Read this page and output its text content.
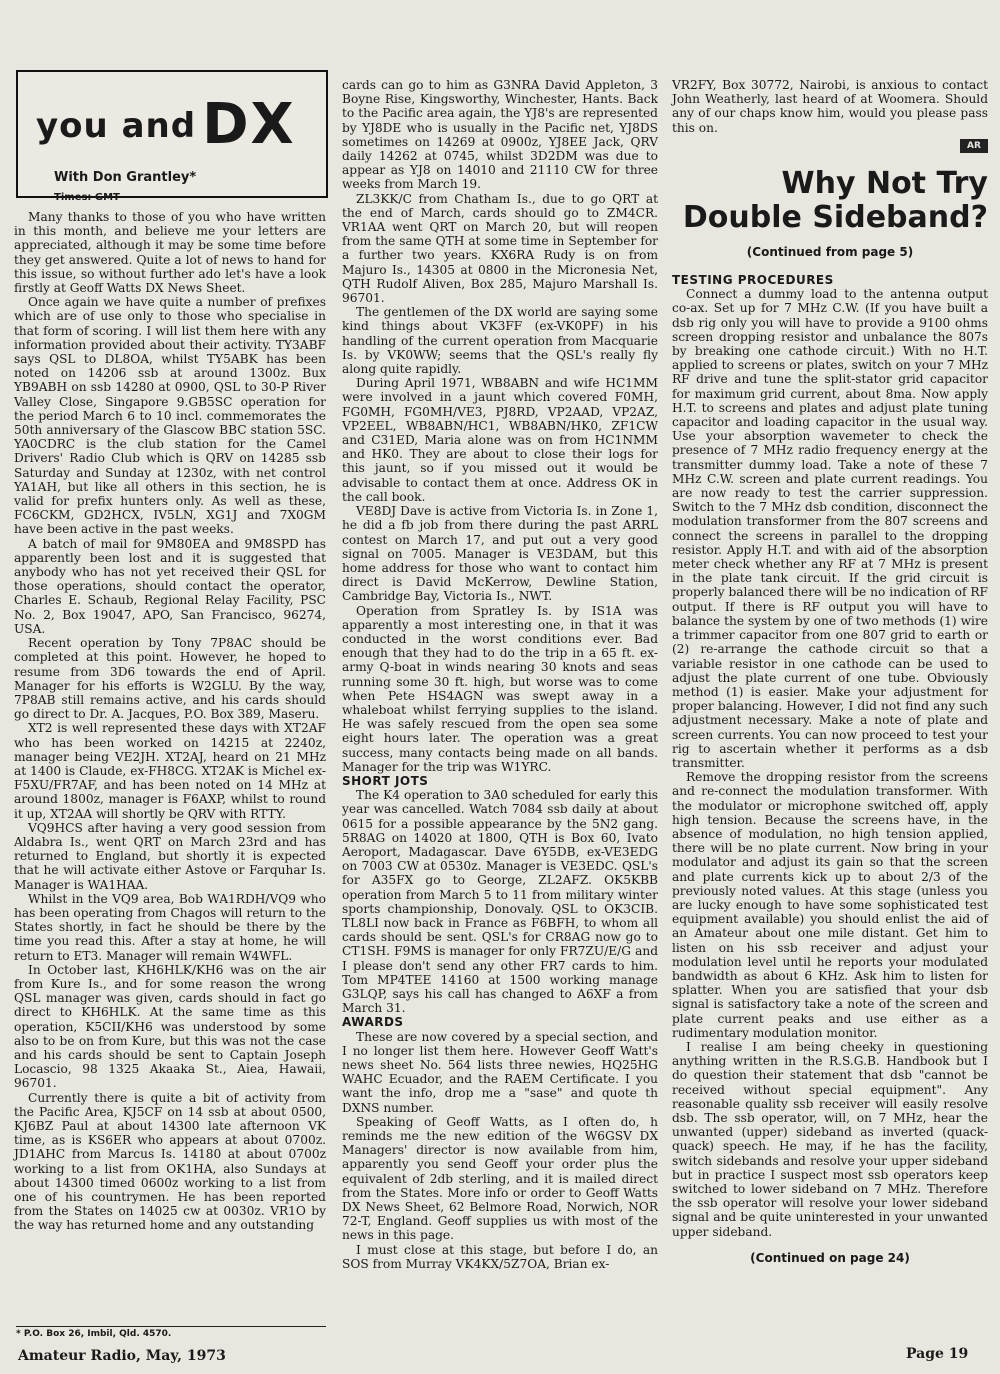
you and DX
With Don Grantley*
Times: GMT

Many thanks to those of you who have written in this month, and believe me your letters are appreciated, although it may be some time before they get answered. Quite a lot of news to hand for this issue, so without further ado let's have a look firstly at Geoff Watts DX News Sheet.

Once again we have quite a number of prefixes which are of use only to those who specialise in that form of scoring. I will list them here with any information provided about their activity. TY3ABF says QSL to DL8OA, whilst TY5ABK has been noted on 14206 ssb at around 1300z. Bux YB9ABH on ssb 14280 at 0900, QSL to 30-P River Valley Close, Singapore 9.GB5SC operation for the period March 6 to 10 incl. commemorates the 50th anniversary of the Glascow BBC station 5SC. YA0CDRC is the club station for the Camel Drivers' Radio Club which is QRV on 14285 ssb Saturday and Sunday at 1230z, with net control YA1AH, but like all others in this section, he is valid for prefix hunters only. As well as these, FC6CKM, GD2HCX, IV5LN, XG1J and 7X0GM have been active in the past weeks.

A batch of mail for 9M80EA and 9M8SPD has apparently been lost and it is suggested that anybody who has not yet received their QSL for those operations, should contact the operator, Charles E. Schaub, Regional Relay Facility, PSC No. 2, Box 19047, APO, San Francisco, 96274, USA.

Recent operation by Tony 7P8AC should be completed at this point. However, he hoped to resume from 3D6 towards the end of April. Manager for his efforts is W2GLU. By the way, 7P8AB still remains active, and his cards should go direct to Dr. A. Jacques, P.O. Box 389, Maseru.

XT2 is well represented these days with XT2AF who has been worked on 14215 at 2240z, manager being VE2JH. XT2AJ, heard on 21 MHz at 1400 is Claude, ex-FH8CG. XT2AK is Michel ex-F5XU/FR7AF, and has been noted on 14 MHz at around 1800z, manager is F6AXP, whilst to round it up, XT2AA will shortly be QRV with RTTY.

VQ9HCS after having a very good session from Aldabra Is., went QRT on March 23rd and has returned to England, but shortly it is expected that he will activate either Astove or Farquhar Is. Manager is WA1HAA.

Whilst in the VQ9 area, Bob WA1RDH/VQ9 who has been operating from Chagos will return to the States shortly, in fact he should be there by the time you read this. After a stay at home, he will return to ET3. Manager will remain W4WFL.

In October last, KH6HLK/KH6 was on the air from Kure Is., and for some reason the wrong QSL manager was given, cards should in fact go direct to KH6HLK. At the same time as this operation, K5CII/KH6 was understood by some also to be on from Kure, but this was not the case and his cards should be sent to Captain Joseph Locascio, 98 1325 Akaaka St., Aiea, Hawaii, 96701.

Currently there is quite a bit of activity from the Pacific Area, KJ5CF on 14 ssb at about 0500, KJ6BZ Paul at about 14300 late afternoon VK time, as is KS6ER who appears at about 0700z. JD1AHC from Marcus Is. 14180 at about 0700z working to a list from OK1HA, also Sundays at about 14300 timed 0600z working to a list from one of his countrymen. He has been reported from the States on 14025 cw at 0030z. VR1O by the way has returned home and any outstanding

cards can go to him as G3NRA David Appleton, 3 Boyne Rise, Kingsworthy, Winchester, Hants. Back to the Pacific area again, the YJ8's are represented by YJ8DE who is usually in the Pacific net, YJ8DS sometimes on 14269 at 0900z, YJ8EE Jack, QRV daily 14262 at 0745, whilst 3D2DM was due to appear as YJ8 on 14010 and 21110 CW for three weeks from March 19.

ZL3KK/C from Chatham Is., due to go QRT at the end of March, cards should go to ZM4CR. VR1AA went QRT on March 20, but will reopen from the same QTH at some time in September for a further two years. KX6RA Rudy is on from Majuro Is., 14305 at 0800 in the Micronesia Net, QTH Rudolf Aliven, Box 285, Majuro Marshall Is. 96701.

The gentlemen of the DX world are saying some kind things about VK3FF (ex-VK0PF) in his handling of the current operation from Macquarie Is. by VK0WW; seems that the QSL's really fly along quite rapidly.

During April 1971, WB8ABN and wife HC1MM were involved in a jaunt which covered F0MH, FG0MH, FG0MH/VE3, PJ8RD, VP2AAD, VP2AZ, VP2EEL, WB8ABN/HC1, WB8ABN/HK0, ZF1CW and C31ED, Maria alone was on from HC1NMM and HK0. They are about to close their logs for this jaunt, so if you missed out it would be advisable to contact them at once. Address OK in the call book.

VE8DJ Dave is active from Victoria Is. in Zone 1, he did a fb job from there during the past ARRL contest on March 17, and put out a very good signal on 7005. Manager is VE3DAM, but this home address for those who want to contact him direct is David McKerrow, Dewline Station, Cambridge Bay, Victoria Is., NWT.

Operation from Spratley Is. by IS1A was apparently a most interesting one, in that it was conducted in the worst conditions ever. Bad enough that they had to do the trip in a 65 ft. ex-army Q-boat in winds nearing 30 knots and seas running some 30 ft. high, but worse was to come when Pete HS4AGN was swept away in a whaleboat whilst ferrying supplies to the island. He was safely rescued from the open sea some eight hours later. The operation was a great success, many contacts being made on all bands. Manager for the trip was W1YRC.

SHORT JOTS

The K4 operation to 3A0 scheduled for early this year was cancelled. Watch 7084 ssb daily at about 0615 for a possible appearance by the 5N2 gang. 5R8AG on 14020 at 1800, QTH is Box 60, Ivato Aeroport, Madagascar. Dave 6Y5DB, ex-VE3EDG on 7003 CW at 0530z. Manager is VE3EDC. QSL's for A35FX go to George, ZL2AFZ. OK5KBB operation from March 5 to 11 from military winter sports championship, Donovaly. QSL to OK3CIB. TL8LI now back in France as F6BFH, to whom all cards should be sent. QSL's for CR8AG now go to CT1SH. F9MS is manager for only FR7ZU/E/G and I please don't send any other FR7 cards to him. Tom MP4TEE 14160 at 1500 working manage G3LQP, says his call has changed to A6XF a from March 31.

AWARDS

These are now covered by a special section, and I no longer list them here. However Geoff Watt's news sheet No. 564 lists three newies, HQ25HG WAHC Ecuador, and the RAEM Certificate. I you want the info, drop me a "sase" and quote th DXNS number.

Speaking of Geoff Watts, as I often do, h reminds me the new edition of the W6GSV DX Managers' director is now available from him, apparently you send Geoff your order plus the equivalent of 2db sterling, and it is mailed direct from the States. More info or order to Geoff Watts DX News Sheet, 62 Belmore Road, Norwich, NOR 72-T, England. Geoff supplies us with most of the news in this page.

I must close at this stage, but before I do, an SOS from Murray VK4KX/5Z7OA, Brian ex-

VR2FY, Box 30772, Nairobi, is anxious to contact John Weatherly, last heard of at Woomera. Should any of our chaps know him, would you please pass this on.

AR
Why Not Try Double Sideband?
(Continued from page 5)
TESTING PROCEDURES

Connect a dummy load to the antenna output co-ax. Set up for 7 MHz C.W. (If you have built a dsb rig only you will have to provide a 9100 ohms screen dropping resistor and unbalance the 807s by breaking one cathode circuit.) With no H.T. applied to screens or plates, switch on your 7 MHz RF drive and tune the split-stator grid capacitor for maximum grid current, about 8ma. Now apply H.T. to screens and plates and adjust plate tuning capacitor and loading capacitor in the usual way. Use your absorption wavemeter to check the presence of 7 MHz radio frequency energy at the transmitter dummy load. Take a note of these 7 MHz C.W. screen and plate current readings. You are now ready to test the carrier suppression. Switch to the 7 MHz dsb condition, disconnect the modulation transformer from the 807 screens and connect the screens in parallel to the dropping resistor. Apply H.T. and with aid of the absorption meter check whether any RF at 7 MHz is present in the plate tank circuit. If the grid circuit is properly balanced there will be no indication of RF output. If there is RF output you will have to balance the system by one of two methods (1) wire a trimmer capacitor from one 807 grid to earth or (2) re-arrange the cathode circuit so that a variable resistor in one cathode can be used to adjust the plate current of one tube. Obviously method (1) is easier. Make your adjustment for proper balancing. However, I did not find any such adjustment necessary. Make a note of plate and screen currents. You can now proceed to test your rig to ascertain whether it performs as a dsb transmitter.

Remove the dropping resistor from the screens and re-connect the modulation transformer. With the modulator or microphone switched off, apply high tension. Because the screens have, in the absence of modulation, no high tension applied, there will be no plate current. Now bring in your modulator and adjust its gain so that the screen and plate currents kick up to about 2/3 of the previously noted values. At this stage (unless you are lucky enough to have some sophisticated test equipment available) you should enlist the aid of an Amateur about one mile distant. Get him to listen on his ssb receiver and adjust your modulation level until he reports your modulated bandwidth as about 6 KHz. Ask him to listen for splatter. When you are satisfied that your dsb signal is satisfactory take a note of the screen and plate current peaks and use either as a rudimentary modulation monitor.

I realise I am being cheeky in questioning anything written in the R.S.G.B. Handbook but I do question their statement that dsb "cannot be received without special equipment". Any reasonable quality ssb receiver will easily resolve dsb. The ssb operator, will, on 7 MHz, hear the unwanted (upper) sideband as inverted (quack-quack) speech. He may, if he has the facility, switch sidebands and resolve your upper sideband but in practice I suspect most ssb operators keep switched to lower sideband on 7 MHz. Therefore the ssb operator will resolve your lower sideband signal and be quite uninterested in your unwanted upper sideband.

(Continued on page 24)
* P.O. Box 26, Imbil, Qld. 4570.
Amateur Radio, May, 1973	Page 19
